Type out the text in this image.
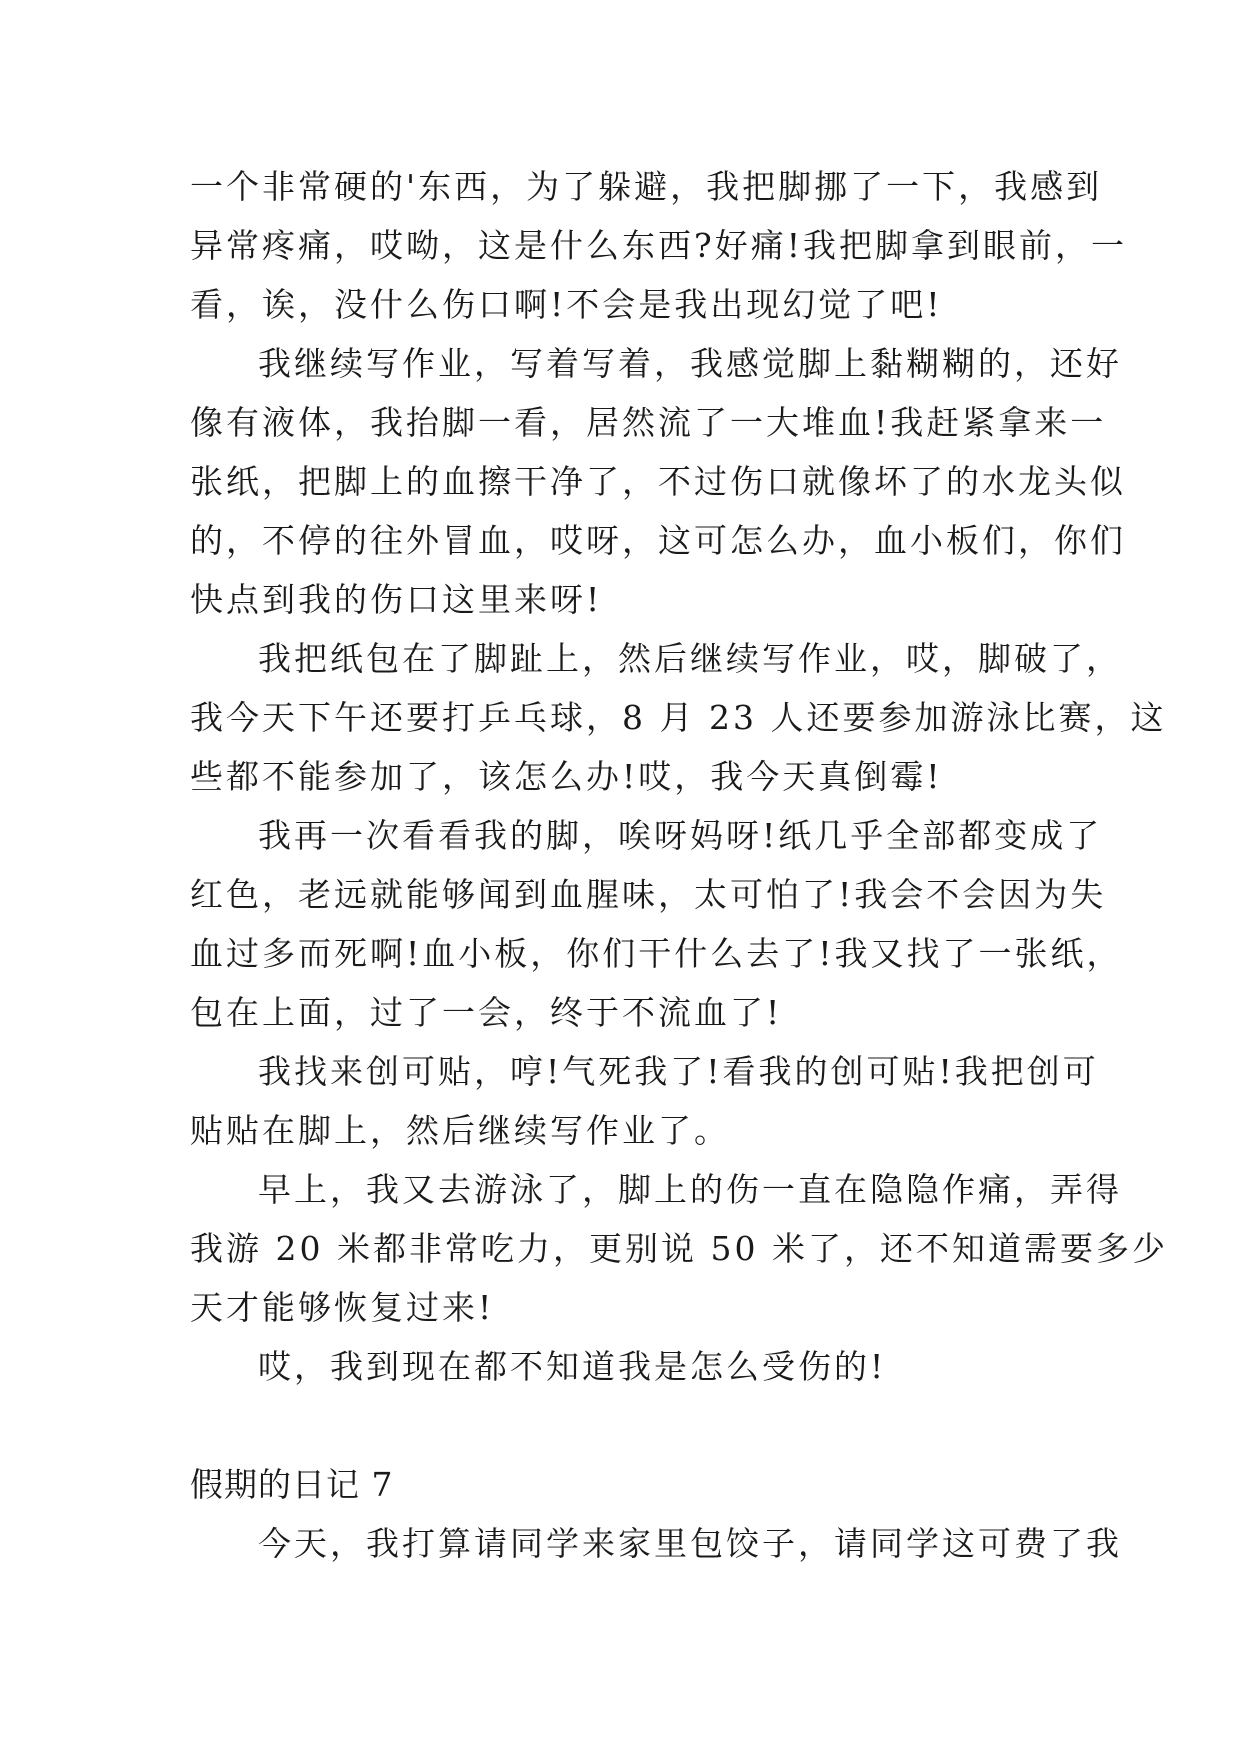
一个非常硬的'东西，为了躲避，我把脚挪了一下，我感到
异常疼痛，哎呦，这是什么东西?好痛!我把脚拿到眼前，一
看，诶，没什么伤口啊!不会是我出现幻觉了吧!

我继续写作业，写着写着，我感觉脚上黏糊糊的，还好
像有液体，我抬脚一看，居然流了一大堆血!我赶紧拿来一
张纸，把脚上的血擦干净了，不过伤口就像坏了的水龙头似
的，不停的往外冒血，哎呀，这可怎么办，血小板们，你们
快点到我的伤口这里来呀!

我把纸包在了脚趾上，然后继续写作业，哎，脚破了，
我今天下午还要打乒乓球，8 月 23 人还要参加游泳比赛，这
些都不能参加了，该怎么办!哎，我今天真倒霉!

我再一次看看我的脚，唉呀妈呀!纸几乎全部都变成了
红色，老远就能够闻到血腥味，太可怕了!我会不会因为失
血过多而死啊!血小板，你们干什么去了!我又找了一张纸，
包在上面，过了一会，终于不流血了!

我找来创可贴，哼!气死我了!看我的创可贴!我把创可
贴贴在脚上，然后继续写作业了。

早上，我又去游泳了，脚上的伤一直在隐隐作痛，弄得
我游 20 米都非常吃力，更别说 50 米了，还不知道需要多少
天才能够恢复过来!

哎，我到现在都不知道我是怎么受伤的!

假期的日记 7

今天，我打算请同学来家里包饺子，请同学这可费了我
